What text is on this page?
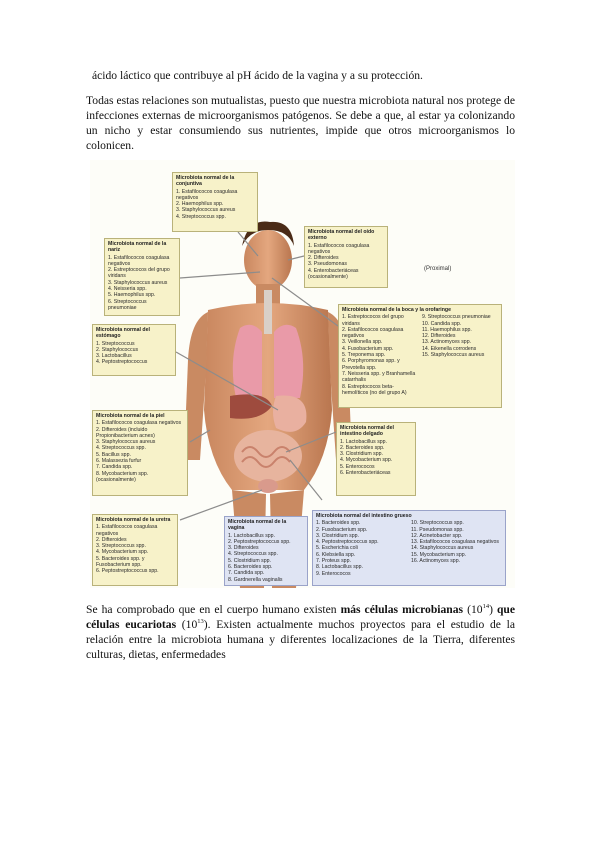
ácido láctico que contribuye al pH ácido de la vagina y a su protección.
Todas estas relaciones son mutualistas, puesto que nuestra microbiota natural nos protege de infecciones externas de microorganismos patógenos. Se debe a que, al estar ya colonizando un nicho y estar consumiendo sus nutrientes, impide que otros microorganismos lo colonicen.
Microbiota normal de la conjuntiva
1. Estafilococos coagulasa negativos
2. Haemophilus spp.
3. Staphylococcus aureus
4. Streptococcus spp.
Microbiota normal de la nariz
1. Estafilococos coagulasa negativos
2. Estreptococos del grupo viridans
3. Staphylococcus aureus
4. Neisseria spp.
5. Haemophilus spp.
6. Streptococcus pneumoniae
Microbiota normal del oído externo
1. Estafilococos coagulasa negativos
2. Difteroides
3. Pseudomonas
4. Enterobacteriáceas (ocasionalmente)
(Proximal)
Microbiota normal del estómago
1. Streptococcus
2. Staphylococcus
3. Lactobacillus
4. Peptostreptococcus
Microbiota normal de la boca y la orofaringe
1. Estreptococos del grupo viridans
2. Estafilococos coagulasa negativos
3. Veillonella spp.
4. Fusobacterium spp.
5. Treponema spp.
6. Porphyromonas spp. y Prevotella spp.
7. Neisseria spp. y Branhamella catarrhalis
8. Estreptococos beta-hemolíticos (no del grupo A)
9. Streptococcus pneumoniae
10. Candida spp.
11. Haemophilus spp.
12. Difteroides
13. Actinomyces spp.
14. Eikenella corrodens
15. Staphylococcus aureus
Microbiota normal de la piel
1. Estafilococos coagulasa negativos
2. Difteroides (incluido Propionibacterium acnes)
3. Staphylococcus aureus
4. Streptococcus spp.
5. Bacillus spp.
6. Malassezia furfur
7. Candida spp.
8. Mycobacterium spp. (ocasionalmente)
Microbiota normal del intestino delgado
1. Lactobacillus spp.
2. Bacteroides spp.
3. Clostridium spp.
4. Mycobacterium spp.
5. Enterococos
6. Enterobacteriáceas
Microbiota normal de la uretra
1. Estafilococos coagulasa negativos
2. Difteroides
3. Streptococcus spp.
4. Mycobacterium spp.
5. Bacteroides spp. y Fusobacterium spp.
6. Peptostreptococcus spp.
Microbiota normal de la vagina
1. Lactobacillus spp.
2. Peptostreptococcus spp.
3. Difteroides
4. Streptococcus spp.
5. Clostridium spp.
6. Bacteroides spp.
7. Candida spp.
8. Gardnerella vaginalis
Microbiota normal del intestino grueso
1. Bacteroides spp.
2. Fusobacterium spp.
3. Clostridium spp.
4. Peptostreptococcus spp.
5. Escherichia coli
6. Klebsiella spp.
7. Proteus spp.
8. Lactobacillus spp.
9. Enterococos
10. Streptococcus spp.
11. Pseudomonas spp.
12. Acinetobacter spp.
13. Estafilococos coagulasa negativos
14. Staphylococcus aureus
15. Mycobacterium spp.
16. Actinomyces spp.
Se ha comprobado que en el cuerpo humano existen más células microbianas $(10^{14})$ que células eucariotas $(10^{13})$. Existen actualmente muchos proyectos para el estudio de la relación entre la microbiota humana y diferentes localizaciones de la Tierra, diferentes culturas, dietas, enfermedades
